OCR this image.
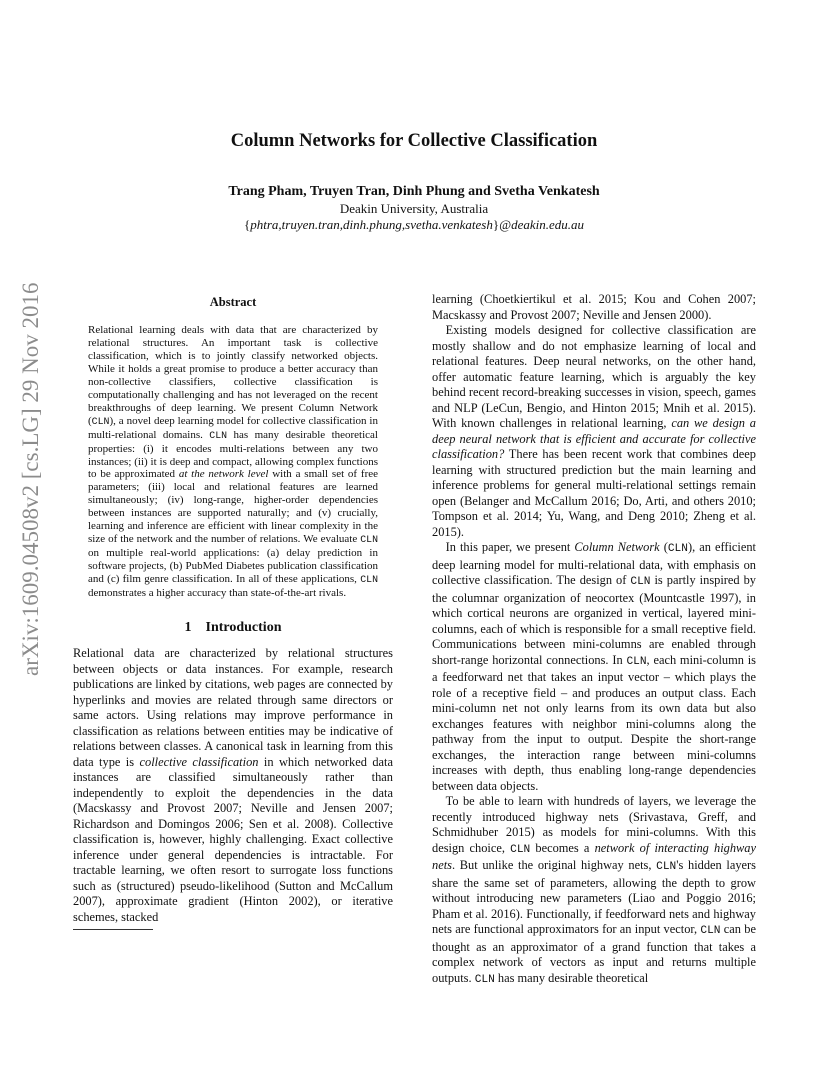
arXiv:1609.04508v2 [cs.LG] 29 Nov 2016
Column Networks for Collective Classification
Trang Pham, Truyen Tran, Dinh Phung and Svetha Venkatesh
Deakin University, Australia
{phtra,truyen.tran,dinh.phung,svetha.venkatesh}@deakin.edu.au
Abstract

Relational learning deals with data that are characterized by relational structures. An important task is collective classification, which is to jointly classify networked objects. While it holds a great promise to produce a better accuracy than non-collective classifiers, collective classification is computationally challenging and has not leveraged on the recent breakthroughs of deep learning. We present Column Network (CLN), a novel deep learning model for collective classification in multi-relational domains. CLN has many desirable theoretical properties: (i) it encodes multi-relations between any two instances; (ii) it is deep and compact, allowing complex functions to be approximated at the network level with a small set of free parameters; (iii) local and relational features are learned simultaneously; (iv) long-range, higher-order dependencies between instances are supported naturally; and (v) crucially, learning and inference are efficient with linear complexity in the size of the network and the number of relations. We evaluate CLN on multiple real-world applications: (a) delay prediction in software projects, (b) PubMed Diabetes publication classification and (c) film genre classification. In all of these applications, CLN demonstrates a higher accuracy than state-of-the-art rivals.

1 Introduction

Relational data are characterized by relational structures between objects or data instances. For example, research publications are linked by citations, web pages are connected by hyperlinks and movies are related through same directors or same actors. Using relations may improve performance in classification as relations between entities may be indicative of relations between classes. A canonical task in learning from this data type is collective classification in which networked data instances are classified simultaneously rather than independently to exploit the dependencies in the data (Macskassy and Provost 2007; Neville and Jensen 2007; Richardson and Domingos 2006; Sen et al. 2008). Collective classification is, however, highly challenging. Exact collective inference under general dependencies is intractable. For tractable learning, we often resort to surrogate loss functions such as (structured) pseudo-likelihood (Sutton and McCallum 2007), approximate gradient (Hinton 2002), or iterative schemes, stacked

learning (Choetkiertikul et al. 2015; Kou and Cohen 2007; Macskassy and Provost 2007; Neville and Jensen 2000).

Existing models designed for collective classification are mostly shallow and do not emphasize learning of local and relational features. Deep neural networks, on the other hand, offer automatic feature learning, which is arguably the key behind recent record-breaking successes in vision, speech, games and NLP (LeCun, Bengio, and Hinton 2015; Mnih et al. 2015). With known challenges in relational learning, can we design a deep neural network that is efficient and accurate for collective classification? There has been recent work that combines deep learning with structured prediction but the main learning and inference problems for general multi-relational settings remain open (Belanger and McCallum 2016; Do, Arti, and others 2010; Tompson et al. 2014; Yu, Wang, and Deng 2010; Zheng et al. 2015).

In this paper, we present Column Network (CLN), an efficient deep learning model for multi-relational data, with emphasis on collective classification. The design of CLN is partly inspired by the columnar organization of neocortex (Mountcastle 1997), in which cortical neurons are organized in vertical, layered mini-columns, each of which is responsible for a small receptive field. Communications between mini-columns are enabled through short-range horizontal connections. In CLN, each mini-column is a feedforward net that takes an input vector – which plays the role of a receptive field – and produces an output class. Each mini-column net not only learns from its own data but also exchanges features with neighbor mini-columns along the pathway from the input to output. Despite the short-range exchanges, the interaction range between mini-columns increases with depth, thus enabling long-range dependencies between data objects.

To be able to learn with hundreds of layers, we leverage the recently introduced highway nets (Srivastava, Greff, and Schmidhuber 2015) as models for mini-columns. With this design choice, CLN becomes a network of interacting highway nets. But unlike the original highway nets, CLN's hidden layers share the same set of parameters, allowing the depth to grow without introducing new parameters (Liao and Poggio 2016; Pham et al. 2016). Functionally, if feedforward nets and highway nets are functional approximators for an input vector, CLN can be thought as an approximator of a grand function that takes a complex network of vectors as input and returns multiple outputs. CLN has many desirable theoretical
